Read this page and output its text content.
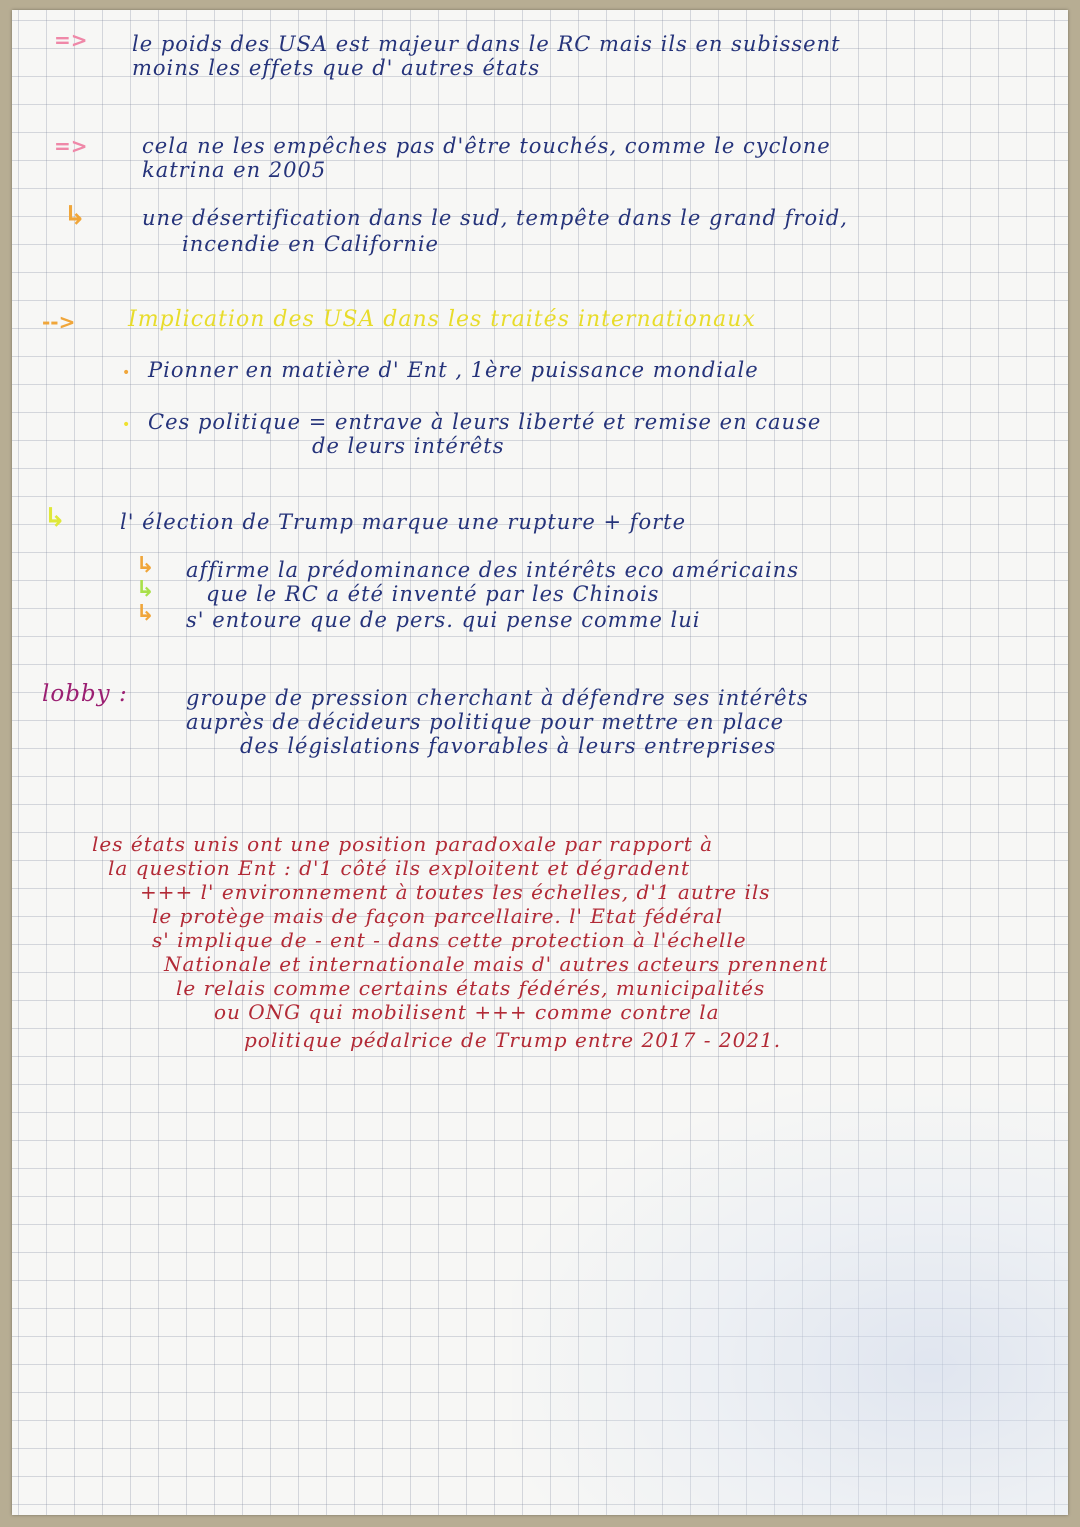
=> le poids des USA est majeur dans le RC mais ils en subissent
moins les effets que d' autres états
=>	cela ne les empêches pas d'être touchés, comme le cyclone
katrina en 2005
↳	une désertification dans le sud, tempête dans le grand froid,
incendie en Californie
--> Implication des USA dans les traités internationaux
• Pionner en matière d' Ent , 1ère puissance mondiale
• Ces politique = entrave à leurs liberté et remise en cause
de leurs intérêts
↳	l' élection de Trump marque une rupture + forte
↳ affirme la prédominance des intérêts eco américains
↳ que le RC a été inventé par les Chinois
↳ s' entoure que de pers. qui pense comme lui
lobby :	groupe de pression cherchant à défendre ses intérêts
auprès de décideurs politique pour mettre en place
des législations favorables à leurs entreprises
les états unis ont une position paradoxale par rapport à
la question Ent : d'1 côté ils exploitent et dégradent
+++ l' environnement à toutes les échelles, d'1 autre ils
le protège mais de façon parcellaire. l' Etat fédéral
s' implique de - ent - dans cette protection à l'échelle
Nationale et internationale mais d' autres acteurs prennent
le relais comme certains états fédérés, municipalités
ou ONG qui mobilisent +++ comme contre la
politique pédalrice de Trump entre 2017 - 2021.
